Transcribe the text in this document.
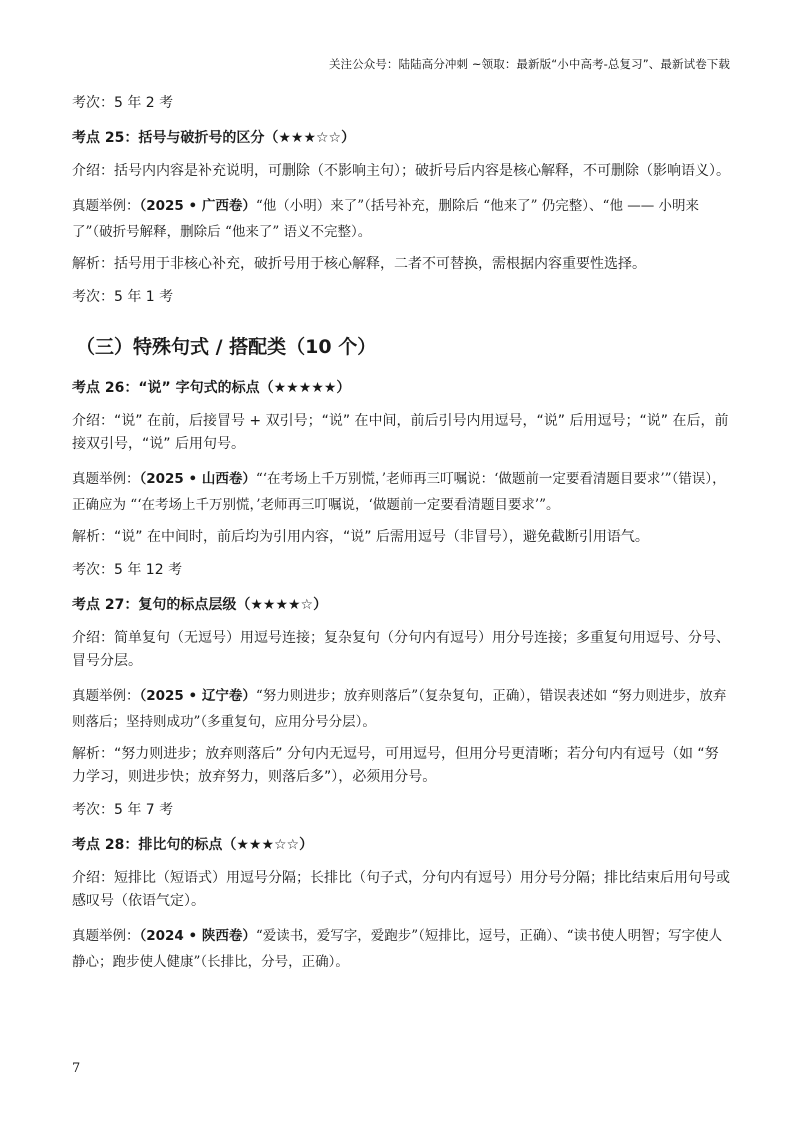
关注公众号：陆陆高分冲刺 ~领取：最新版“小中高考-总复习”、最新试卷下载

考次：5 年 2 考

考点 25：括号与破折号的区分（★★★☆☆）

介绍：括号内内容是补充说明，可删除（不影响主句）；破折号后内容是核心解释，不可删除（影响语义）。

真题举例：（2025 • 广西卷）“他（小明）来了”（括号补充，删除后 “他来了” 仍完整）、“他 —— 小明来了”（破折号解释，删除后 “他来了” 语义不完整）。

解析：括号用于非核心补充，破折号用于核心解释，二者不可替换，需根据内容重要性选择。

考次：5 年 1 考

（三）特殊句式 / 搭配类（10 个）

考点 26：“说” 字句式的标点（★★★★★）

介绍：“说” 在前，后接冒号 + 双引号；“说” 在中间，前后引号内用逗号，“说” 后用逗号；“说” 在后，前接双引号，“说” 后用句号。

真题举例：（2025 • 山西卷）“‘在考场上千万别慌，’老师再三叮嘱说：‘做题前一定要看清题目要求’”（错误），正确应为 “‘在考场上千万别慌，’老师再三叮嘱说，‘做题前一定要看清题目要求’”。

解析：“说” 在中间时，前后均为引用内容，“说” 后需用逗号（非冒号），避免截断引用语气。

考次：5 年 12 考

考点 27：复句的标点层级（★★★★☆）

介绍：简单复句（无逗号）用逗号连接；复杂复句（分句内有逗号）用分号连接；多重复句用逗号、分号、冒号分层。

真题举例：（2025 • 辽宁卷）“努力则进步；放弃则落后”（复杂复句，正确），错误表述如 “努力则进步，放弃则落后；坚持则成功”（多重复句，应用分号分层）。

解析：“努力则进步；放弃则落后” 分句内无逗号，可用逗号，但用分号更清晰；若分句内有逗号（如 “努力学习，则进步快；放弃努力，则落后多”），必须用分号。

考次：5 年 7 考

考点 28：排比句的标点（★★★☆☆）

介绍：短排比（短语式）用逗号分隔；长排比（句子式，分句内有逗号）用分号分隔；排比结束后用句号或感叹号（依语气定）。

真题举例：（2024 • 陕西卷）“爱读书，爱写字，爱跑步”（短排比，逗号，正确）、“读书使人明智；写字使人静心；跑步使人健康”（长排比，分号，正确）。

7
